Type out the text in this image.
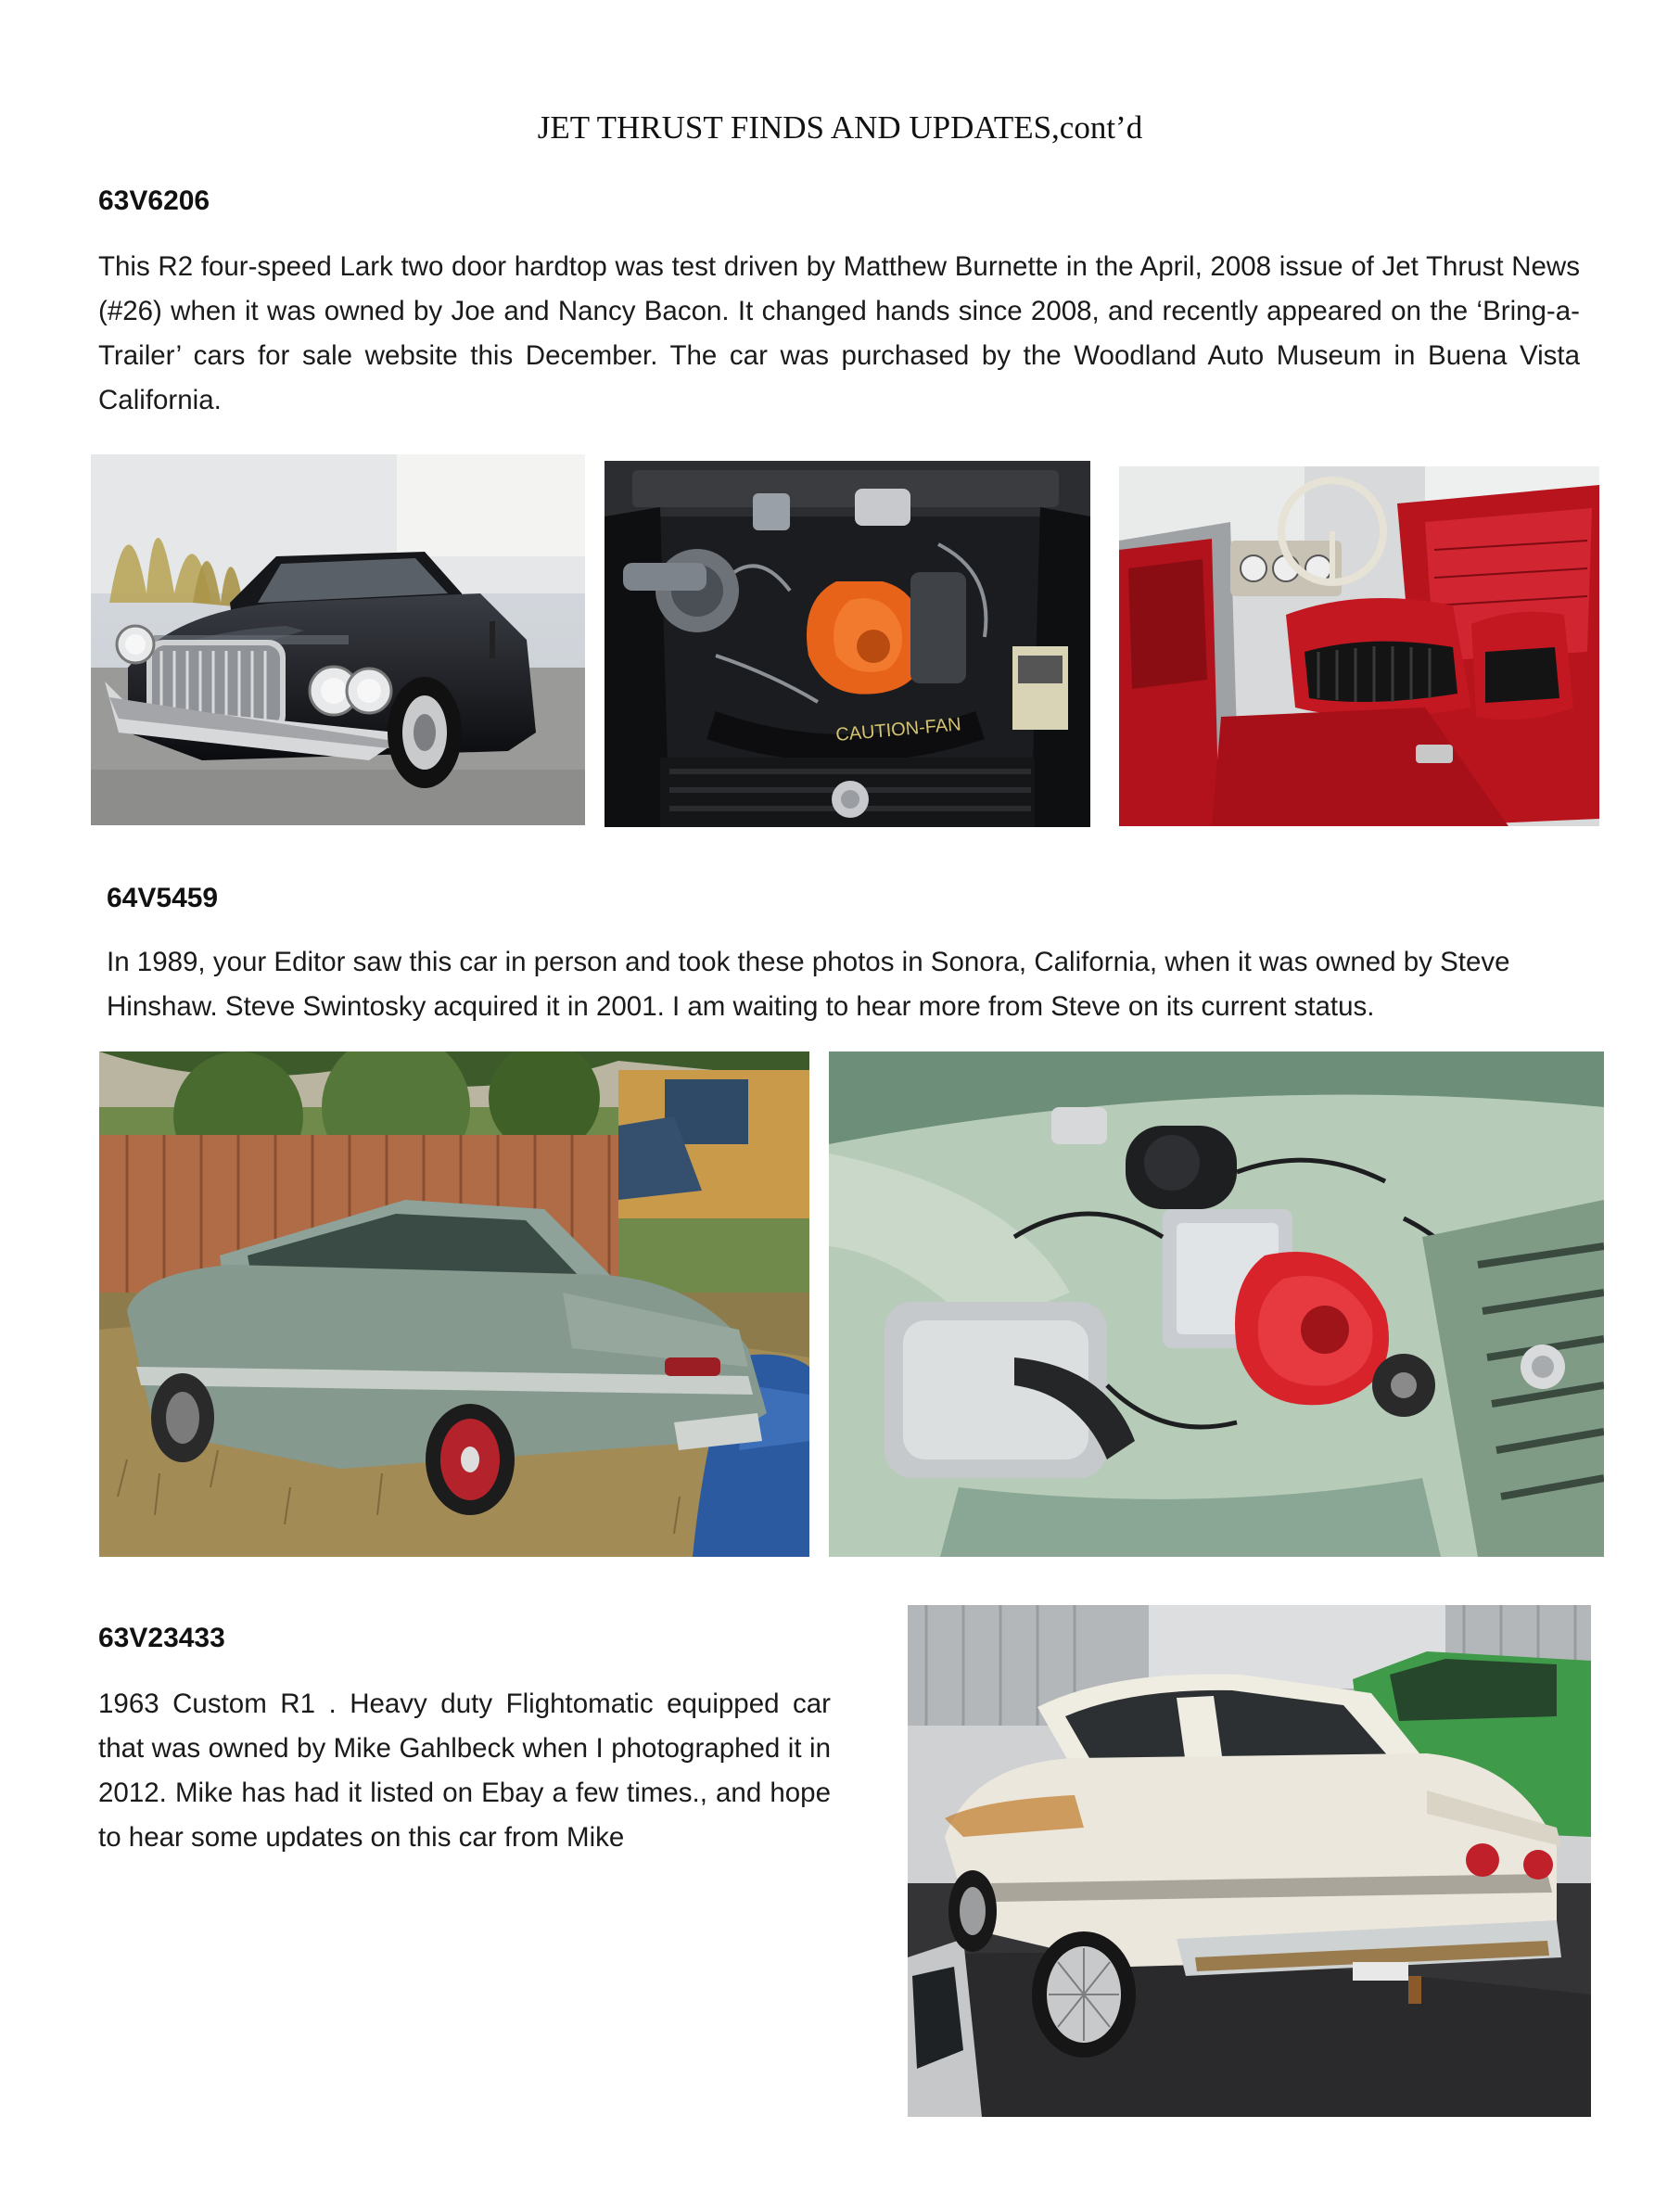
JET THRUST FINDS AND UPDATES,cont’d
63V6206
This R2 four-speed Lark two door hardtop was test driven by Matthew Burnette in the April, 2008 issue of Jet Thrust News (#26) when it was owned by Joe and Nancy Bacon. It changed hands since 2008, and recently appeared on the ‘Bring-a-Trailer’ cars for sale website this December. The car was purchased by the Woodland Auto Museum in Buena Vista California.
CAUTION-FAN
64V5459
In 1989, your Editor saw this car in person and took these photos in Sonora, California, when it was owned by Steve Hinshaw. Steve Swintosky acquired it in 2001. I am waiting to hear more from Steve on its current status.
63V23433
1963 Custom R1 . Heavy duty Flightomatic equipped car that was owned by Mike Gahlbeck when I photographed it in 2012. Mike has had it listed on Ebay a few times., and hope to hear some updates on this car from Mike
